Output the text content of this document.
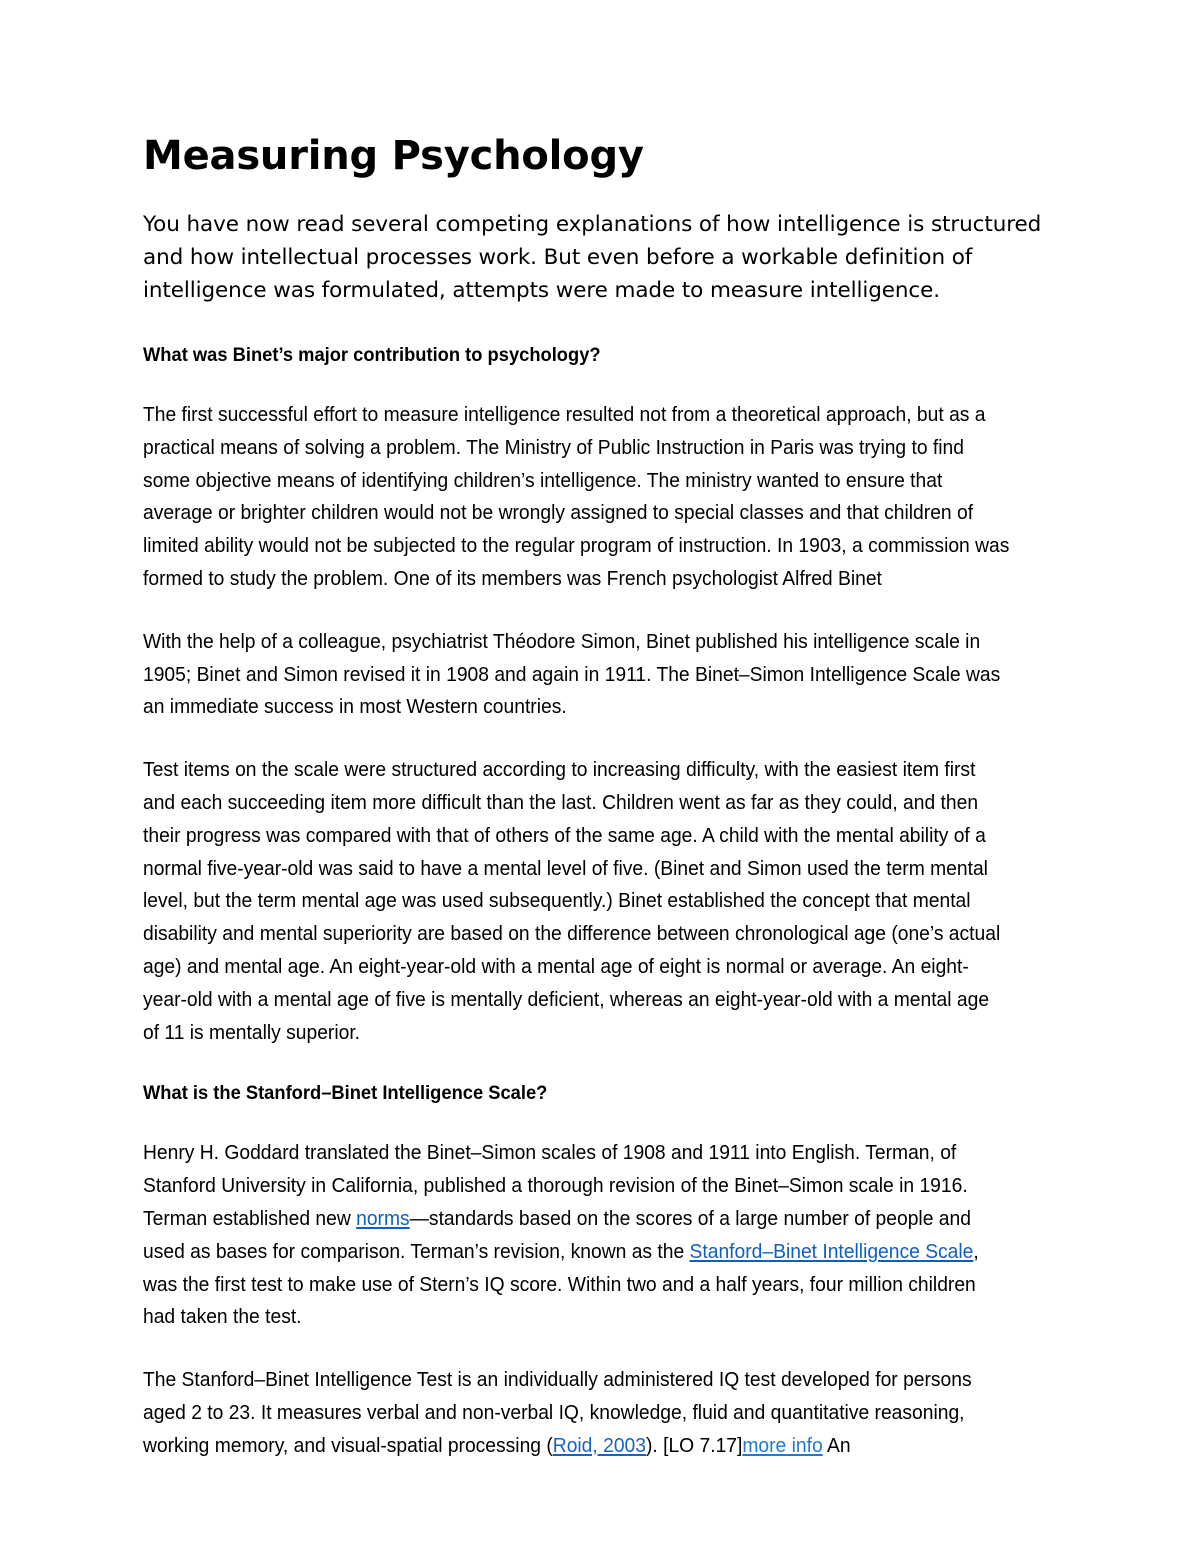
Measuring Psychology

You have now read several competing explanations of how intelligence is structured and how intellectual processes work. But even before a workable definition of intelligence was formulated, attempts were made to measure intelligence.

What was Binet’s major contribution to psychology?

The first successful effort to measure intelligence resulted not from a theoretical approach, but as a practical means of solving a problem. The Ministry of Public Instruction in Paris was trying to find some objective means of identifying children’s intelligence. The ministry wanted to ensure that average or brighter children would not be wrongly assigned to special classes and that children of limited ability would not be subjected to the regular program of instruction. In 1903, a commission was formed to study the problem. One of its members was French psychologist Alfred Binet

With the help of a colleague, psychiatrist Théodore Simon, Binet published his intelligence scale in 1905; Binet and Simon revised it in 1908 and again in 1911. The Binet–Simon Intelligence Scale was an immediate success in most Western countries.

Test items on the scale were structured according to increasing difficulty, with the easiest item first and each succeeding item more difficult than the last. Children went as far as they could, and then their progress was compared with that of others of the same age. A child with the mental ability of a normal five-year-old was said to have a mental level of five. (Binet and Simon used the term mental level, but the term mental age was used subsequently.) Binet established the concept that mental disability and mental superiority are based on the difference between chronological age (one’s actual age) and mental age. An eight-year-old with a mental age of eight is normal or average. An eight-year-old with a mental age of five is mentally deficient, whereas an eight-year-old with a mental age of 11 is mentally superior.

What is the Stanford–Binet Intelligence Scale?

Henry H. Goddard translated the Binet–Simon scales of 1908 and 1911 into English. Terman, of Stanford University in California, published a thorough revision of the Binet–Simon scale in 1916. Terman established new norms—standards based on the scores of a large number of people and used as bases for comparison. Terman’s revision, known as the Stanford–Binet Intelligence Scale, was the first test to make use of Stern’s IQ score. Within two and a half years, four million children had taken the test.

The Stanford–Binet Intelligence Test is an individually administered IQ test developed for persons aged 2 to 23. It measures verbal and non-verbal IQ, knowledge, fluid and quantitative reasoning, working memory, and visual-spatial processing (Roid, 2003). [LO 7.17]more info An
